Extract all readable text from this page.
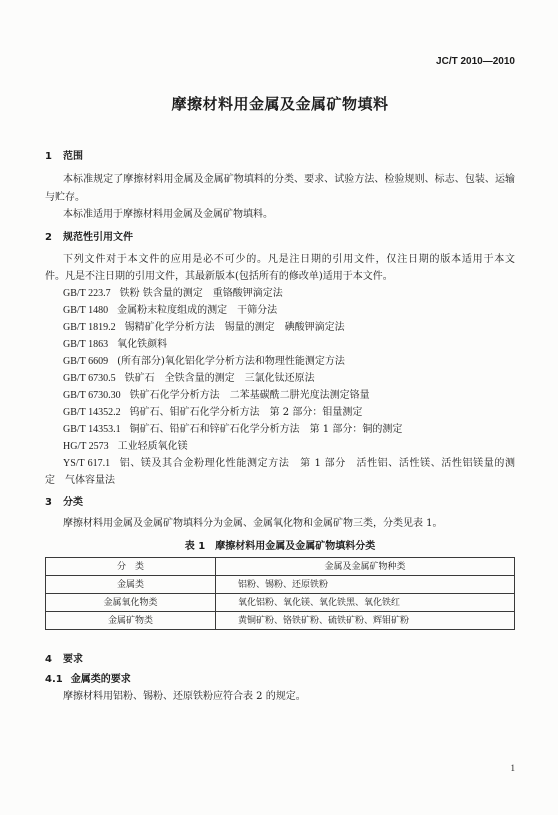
JC/T 2010—2010
摩擦材料用金属及金属矿物填料
1 范围
本标准规定了摩擦材料用金属及金属矿物填料的分类、要求、试验方法、检验规则、标志、包装、运输
与贮存。
本标准适用于摩擦材料用金属及金属矿物填料。
2 规范性引用文件
下列文件对于本文件的应用是必不可少的。凡是注日期的引用文件，仅注日期的版本适用于本文
件。凡是不注日期的引用文件，其最新版本(包括所有的修改单)适用于本文件。
GB/T 223.7 铁粉 铁含量的测定　重铬酸钾滴定法
GB/T 1480 金属粉末粒度组成的测定　干筛分法
GB/T 1819.2 锡精矿化学分析方法　锡量的测定　碘酸钾滴定法
GB/T 1863 氧化铁颜料
GB/T 6609 (所有部分)氧化铝化学分析方法和物理性能测定方法
GB/T 6730.5 铁矿石　全铁含量的测定　三氯化钛还原法
GB/T 6730.30 铁矿石化学分析方法　二苯基碳酰二肼光度法测定铬量
GB/T 14352.2 钨矿石、钼矿石化学分析方法　第 2 部分：钼量测定
GB/T 14353.1 铜矿石、铅矿石和锌矿石化学分析方法　第 1 部分：铜的测定
HG/T 2573 工业轻质氧化镁
YS/T 617.1 铝、镁及其合金粉理化性能测定方法　第 1 部分　活性铝、活性镁、活性铝镁量的测
定　气体容量法
3 分类
摩擦材料用金属及金属矿物填料分为金属、金属氧化物和金属矿物三类，分类见表 1。
表 1 摩擦材料用金属及金属矿物填料分类
分　类	金属及金属矿物种类
金属类	铝粉、锡粉、还原铁粉
金属氧化物类	氧化铝粉、氧化镁、氧化铁黑、氧化铁红
金属矿物类	黄铜矿粉、铬铁矿粉、硫铁矿粉、辉钼矿粉
4 要求
4.1 金属类的要求
摩擦材料用铝粉、锡粉、还原铁粉应符合表 2 的规定。
1
